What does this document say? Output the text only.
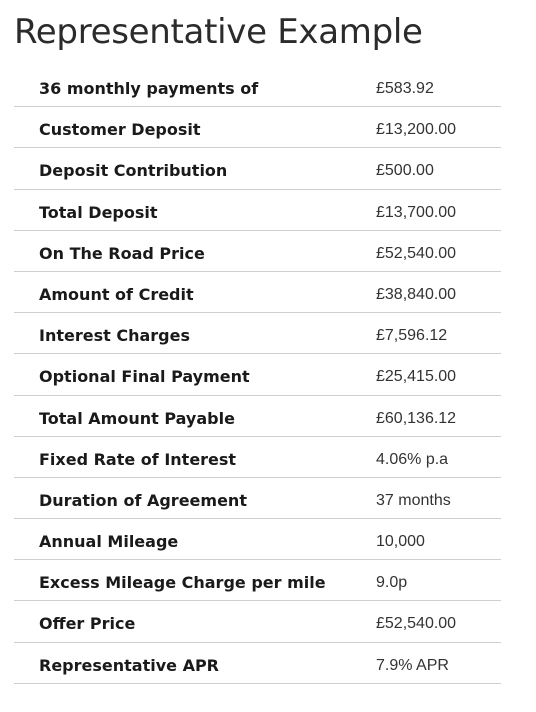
Representative Example
36 monthly payments of	£583.92
Customer Deposit	£13,200.00
Deposit Contribution	£500.00
Total Deposit	£13,700.00
On The Road Price	£52,540.00
Amount of Credit	£38,840.00
Interest Charges	£7,596.12
Optional Final Payment	£25,415.00
Total Amount Payable	£60,136.12
Fixed Rate of Interest	4.06% p.a
Duration of Agreement	37 months
Annual Mileage	10,000
Excess Mileage Charge per mile	9.0p
Offer Price	£52,540.00
Representative APR	7.9% APR
